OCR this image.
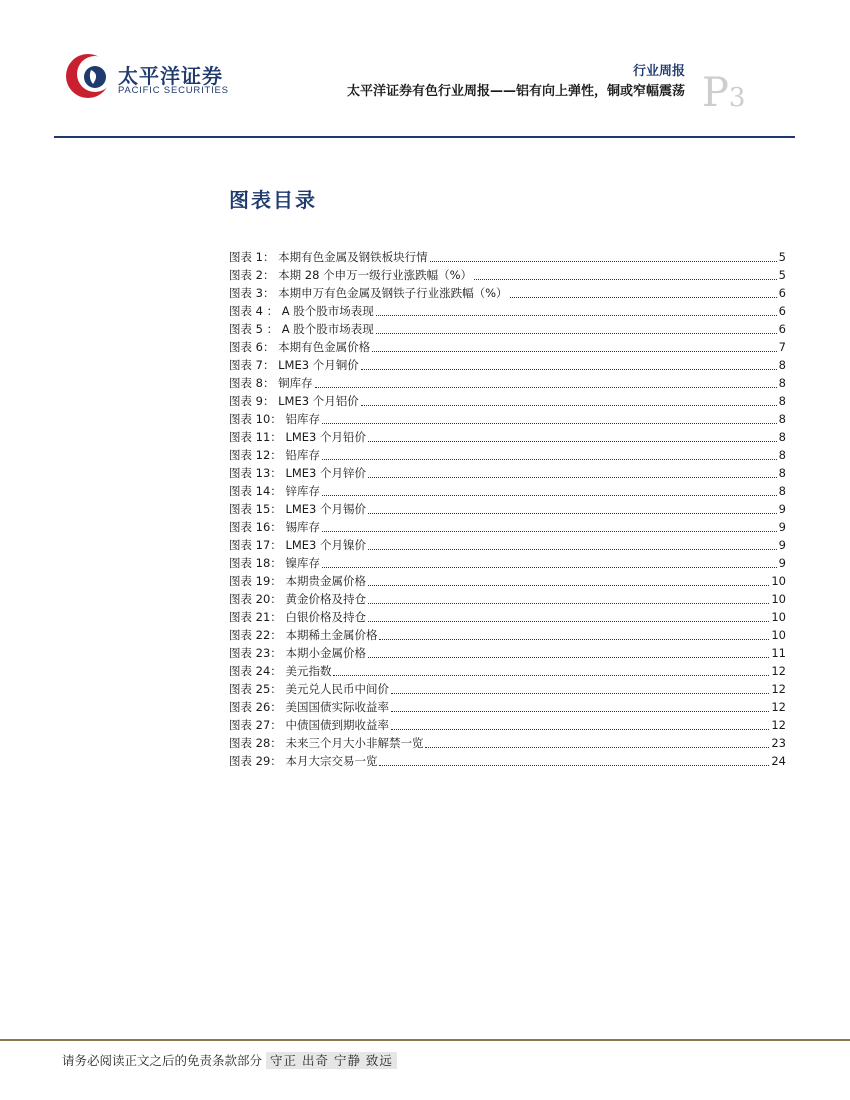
太平洋证券
PACIFIC SECURITIES
行业周报
太平洋证券有色行业周报——铝有向上弹性，铜或窄幅震荡 P3
图表目录
图表 1： 本期有色金属及钢铁板块行情	5
图表 2： 本期 28 个申万一级行业涨跌幅（%）	5
图表 3： 本期申万有色金属及钢铁子行业涨跌幅（%）	6
图表 4 ： A 股个股市场表现	6
图表 5 ： A 股个股市场表现	6
图表 6： 本期有色金属价格	7
图表 7： LME3 个月铜价	8
图表 8： 铜库存	8
图表 9： LME3 个月铝价	8
图表 10： 铝库存	8
图表 11： LME3 个月铅价	8
图表 12： 铅库存	8
图表 13： LME3 个月锌价	8
图表 14： 锌库存	8
图表 15： LME3 个月锡价	9
图表 16： 锡库存	9
图表 17： LME3 个月镍价	9
图表 18： 镍库存	9
图表 19： 本期贵金属价格	10
图表 20： 黄金价格及持仓	10
图表 21： 白银价格及持仓	10
图表 22： 本期稀土金属价格	10
图表 23： 本期小金属价格	11
图表 24： 美元指数	12
图表 25： 美元兑人民币中间价	12
图表 26： 美国国债实际收益率	12
图表 27： 中债国债到期收益率	12
图表 28： 未来三个月大小非解禁一览	23
图表 29： 本月大宗交易一览	24
请务必阅读正文之后的免责条款部分 守正 出奇 宁静 致远
